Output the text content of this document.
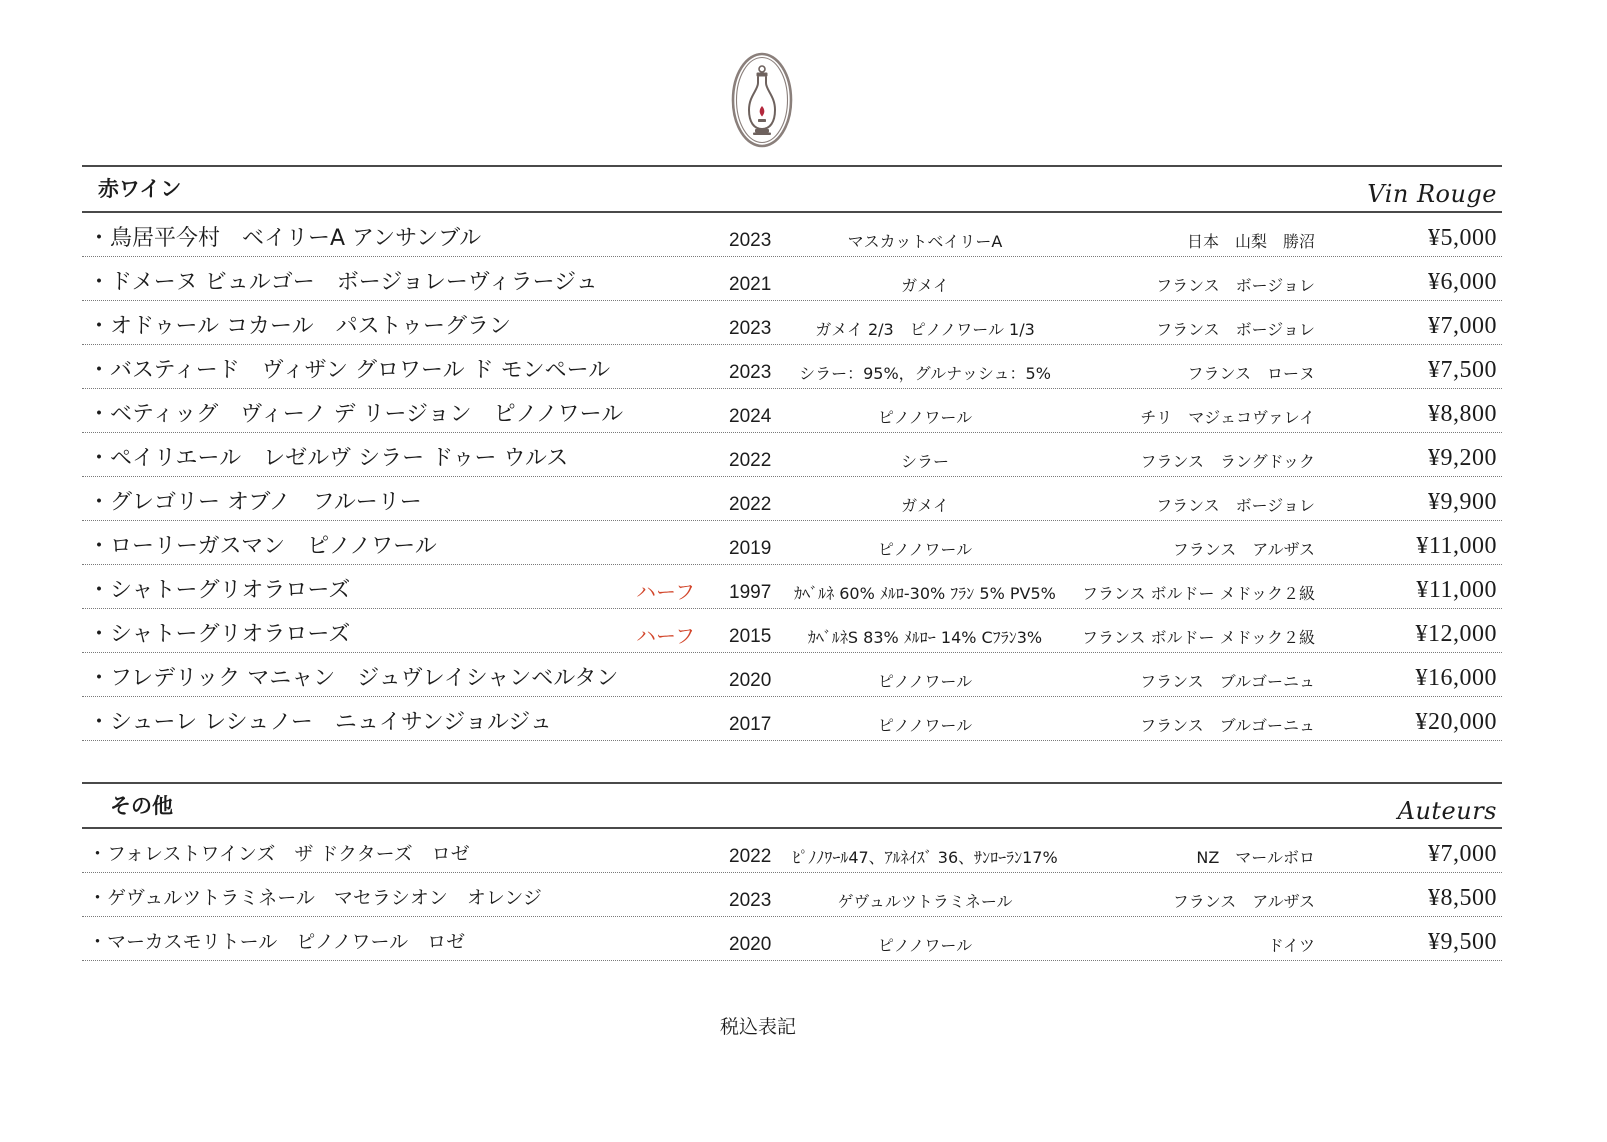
赤ワイン	Vin Rouge
・鳥居平今村　ベイリーA アンサンブル	2023	マスカットベイリーA	日本　山梨　勝沼	¥5,000
・ドメーヌ ビュルゴー　ボージョレーヴィラージュ	2021	ガメイ	フランス　ボージョレ	¥6,000
・オドゥール コカール　パストゥーグラン	2023	ガメイ 2/3　ピノノワール 1/3	フランス　ボージョレ	¥7,000
・バスティード　ヴィザン グロワール ド モンペール	2023	シラー：95%，グルナッシュ：5%	フランス　ローヌ	¥7,500
・ベティッグ　ヴィーノ デ リージョン　ピノノワール	2024	ピノノワール	チリ　マジェコヴァレイ	¥8,800
・ペイリエール　レゼルヴ シラー ドゥー ウルス	2022	シラー	フランス　ラングドック	¥9,200
・グレゴリー オブノ　フルーリー	2022	ガメイ	フランス　ボージョレ	¥9,900
・ローリーガスマン　ピノノワール	2019	ピノノワール	フランス　アルザス	¥11,000
・シャトーグリオラローズ	ハーフ 1997	ｶﾍﾞﾙﾈ 60% ﾒﾙﾛ-30% ﾌﾗﾝ 5% PV5%	フランス ボルドー メドック２級	¥11,000
・シャトーグリオラローズ	ハーフ 2015	ｶﾍﾞﾙﾈS 83% ﾒﾙﾛｰ 14% Cﾌﾗﾝ3%	フランス ボルドー メドック２級	¥12,000
・フレデリック マニャン　ジュヴレイシャンベルタン	2020	ピノノワール	フランス　ブルゴーニュ	¥16,000
・シューレ レシュノー　ニュイサンジョルジュ	2017	ピノノワール	フランス　ブルゴーニュ	¥20,000
その他	Auteurs
・フォレストワインズ　ザ ドクターズ　ロゼ	2022	ﾋﾟﾉﾉﾜｰﾙ47、ｱﾙﾈｲｽﾞ 36、ｻﾝﾛｰﾗﾝ17%	NZ　マールボロ	¥7,000
・ゲヴュルツトラミネール　マセラシオン　オレンジ	2023	ゲヴュルツトラミネール	フランス　アルザス	¥8,500
・マーカスモリトール　ピノノワール　ロゼ	2020	ピノノワール	ドイツ	¥9,500
税込表記
